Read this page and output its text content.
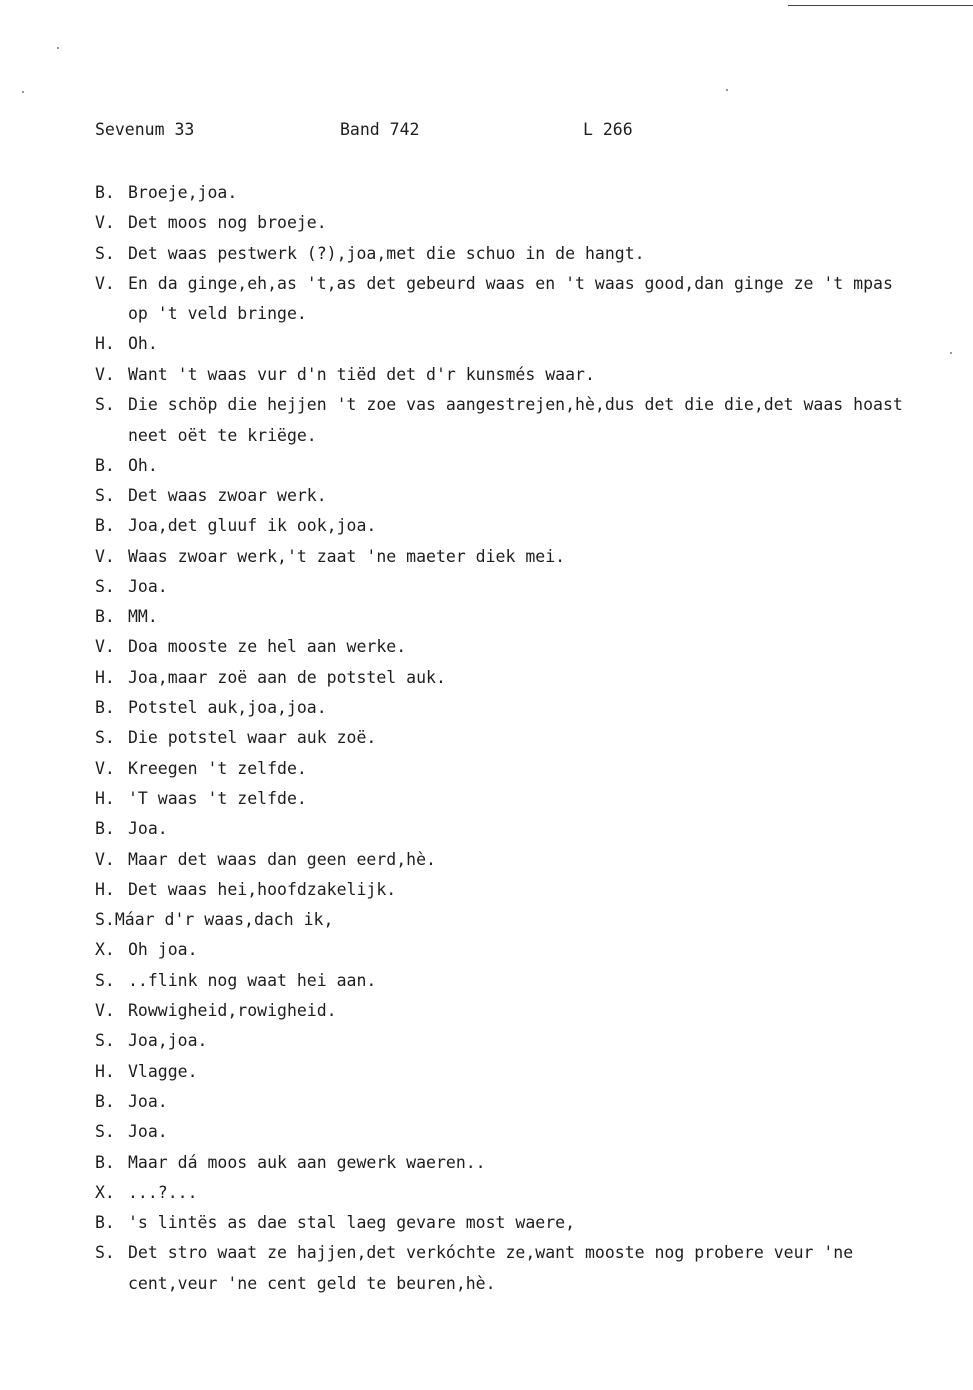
Sevenum 33	Band 742	L 266
B. Broeje,joa.
V. Det moos nog broeje.
S. Det waas pestwerk (?),joa,met die schuo in de hangt.
V. En da ginge,eh,as 't,as det gebeurd waas en 't waas good,dan ginge ze 't mpas op 't veld bringe.
H. Oh.
V. Want 't waas vur d'n tiëd det d'r kunsmés waar.
S. Die schöp die hejjen 't zoe vas aangestrejen,hè,dus det die die,det waas hoast neet oët te kriëge.
B. Oh.
S. Det waas zwoar werk.
B. Joa,det gluuf ik ook,joa.
V. Waas zwoar werk,'t zaat 'ne maeter diek mei.
S. Joa.
B. MM.
V. Doa mooste ze hel aan werke.
H. Joa,maar zoë aan de potstel auk.
B. Potstel auk,joa,joa.
S. Die potstel waar auk zoë.
V. Kreegen 't zelfde.
H. 'T waas 't zelfde.
B. Joa.
V. Maar det waas dan geen eerd,hè.
H. Det waas hei,hoofdzakelijk.
S.Máar d'r waas,dach ik,
X. Oh joa.
S. ..flink nog waat hei aan.
V. Rowwigheid,rowigheid.
S. Joa,joa.
H. Vlagge.
B. Joa.
S. Joa.
B. Maar dá moos auk aan gewerk waeren..
X. ...?...
B. 's lintës as dae stal laeg gevare most waere,
S. Det stro waat ze hajjen,det verkóchte ze,want mooste nog probere veur 'ne cent,veur 'ne cent geld te beuren,hè.
